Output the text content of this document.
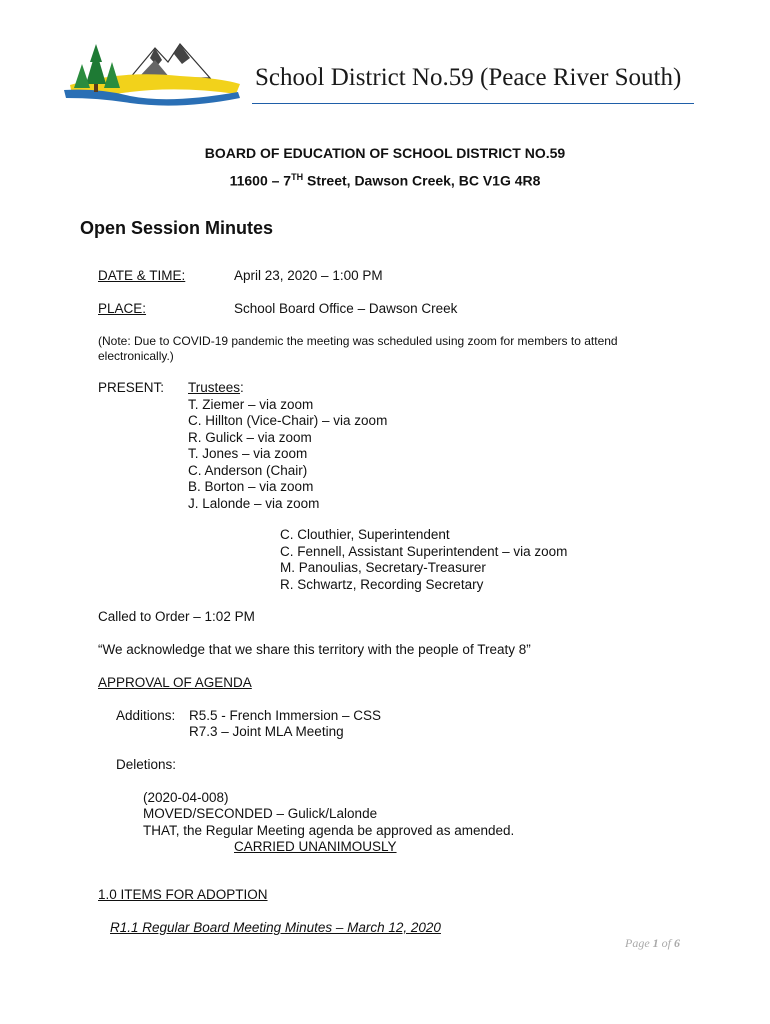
School District No.59 (Peace River South)
BOARD OF EDUCATION OF SCHOOL DISTRICT NO.59
11600 – 7TH Street, Dawson Creek, BC V1G 4R8
Open Session Minutes
DATE & TIME:	April 23, 2020 – 1:00 PM
PLACE:	School Board Office – Dawson Creek
(Note: Due to COVID-19 pandemic the meeting was scheduled using zoom for members to attend
electronically.)
PRESENT: Trustees:
T. Ziemer – via zoom
C. Hillton (Vice-Chair) – via zoom
R. Gulick – via zoom
T. Jones – via zoom
C. Anderson (Chair)
B. Borton – via zoom
J. Lalonde – via zoom
C. Clouthier, Superintendent
C. Fennell, Assistant Superintendent – via zoom
M. Panoulias, Secretary-Treasurer
R. Schwartz, Recording Secretary
Called to Order – 1:02 PM
“We acknowledge that we share this territory with the people of Treaty 8”
APPROVAL OF AGENDA
Additions: R5.5 - French Immersion – CSS
R7.3 – Joint MLA Meeting
Deletions:
(2020-04-008)
MOVED/SECONDED – Gulick/Lalonde
THAT, the Regular Meeting agenda be approved as amended.
CARRIED UNANIMOUSLY
1.0 ITEMS FOR ADOPTION
R1.1 Regular Board Meeting Minutes – March 12, 2020
Page 1 of 6
